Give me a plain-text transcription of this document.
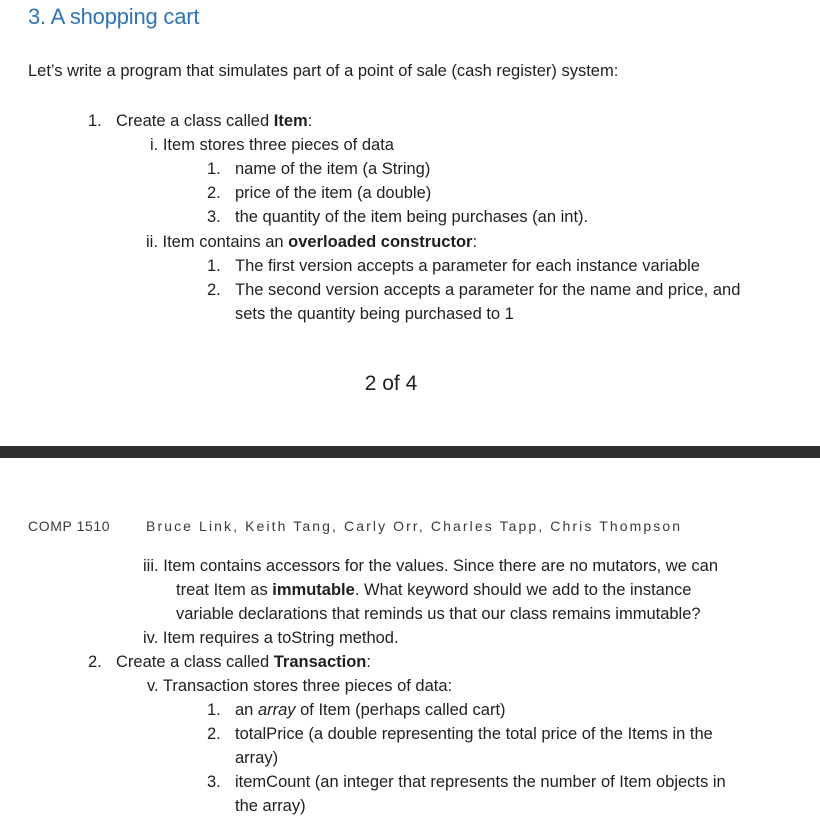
3. A shopping cart

Let’s write a program that simulates part of a point of sale (cash register) system:

1. Create a class called Item:
i. Item stores three pieces of data
1. name of the item (a String)
2. price of the item (a double)
3. the quantity of the item being purchases (an int).
ii. Item contains an overloaded constructor:
1. The first version accepts a parameter for each instance variable
2. The second version accepts a parameter for the name and price, and
sets the quantity being purchased to 1
2 of 4
COMP 1510	Bruce Link, Keith Tang, Carly Orr, Charles Tapp, Chris Thompson
iii. Item contains accessors for the values. Since there are no mutators, we can
treat Item as immutable. What keyword should we add to the instance
variable declarations that reminds us that our class remains immutable?
iv. Item requires a toString method.
2. Create a class called Transaction:
v. Transaction stores three pieces of data:
1. an array of Item (perhaps called cart)
2. totalPrice (a double representing the total price of the Items in the
array)
3. itemCount (an integer that represents the number of Item objects in
the array)
